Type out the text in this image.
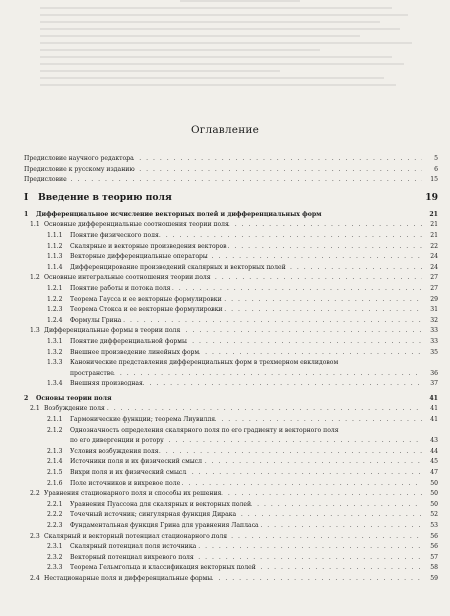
Оглавление
. . .
Предисловие научного редактора	5
. . .
Предисловие к русскому изданию	6
. . .
Предисловие	15
I Введение в теорию поля	19
1 Дифференциальное исчисление векторных полей и дифференциальных форм	21
. . .
1.1 Основные дифференциальные соотношения теории поля	21
. . .
1.1.1 Понятие физического поля	21
. . .
1.1.2 Скалярные и векторные произведения векторов	22
. . .
1.1.3 Векторные дифференциальные операторы	24
. . .
1.1.4 Дифференцирование произведений скалярных и векторных полей	24
. . .
1.2 Основные интегральные соотношения теории поля	27
. . .
1.2.1 Понятие работы и потока поля	27
. . .
1.2.2 Теорема Гаусса и ее векторные формулировки	29
. . .
1.2.3 Теорема Стокса и ее векторные формулировки	31
. . .
1.2.4 Формулы Грина	32
. . .
1.3 Дифференциальные формы в теории поля	33
. . .
1.3.1 Понятие дифференциальной формы	33
. . .
1.3.2 Внешнее произведение линейных форм	35
1.3.3 Канонические представления дифференциальных форм в трехмерном евклидовом
. . .
пространстве	36
. . .
1.3.4 Внешняя производная	37
2 Основы теории поля	41
. . .
2.1 Возбуждение поля	41
. . .
2.1.1 Гармонические функции; теорема Лиувилля	41
2.1.2 Однозначность определения скалярного поля по его градиенту и векторного поля
. . .
по его дивергенции и ротору	43
. . .
2.1.3 Условия возбуждения поля	44
. . .
2.1.4 Источники поля и их физический смысл	45
. . .
2.1.5 Вихри поля и их физический смысл	47
. . .
2.1.6 Поле источников и вихревое поле	50
. . .
2.2 Уравнения стационарного поля и способы их решения	50
. . .
2.2.1 Уравнения Пуассона для скалярных и векторных полей	50
. . .
2.2.2 Точечный источник; сингулярная функция Дирака	52
. . .
2.2.3 Фундаментальная функция Грина для уравнения Лапласа	53
. . .
2.3 Скалярный и векторный потенциал стационарного поля	56
. . .
2.3.1 Скалярный потенциал поля источника	56
. . .
2.3.2 Векторный потенциал вихревого поля	57
. . .
2.3.3 Теорема Гельмгольца и классификация векторных полей	58
. . .
2.4 Нестационарные поля и дифференциальные формы	59
